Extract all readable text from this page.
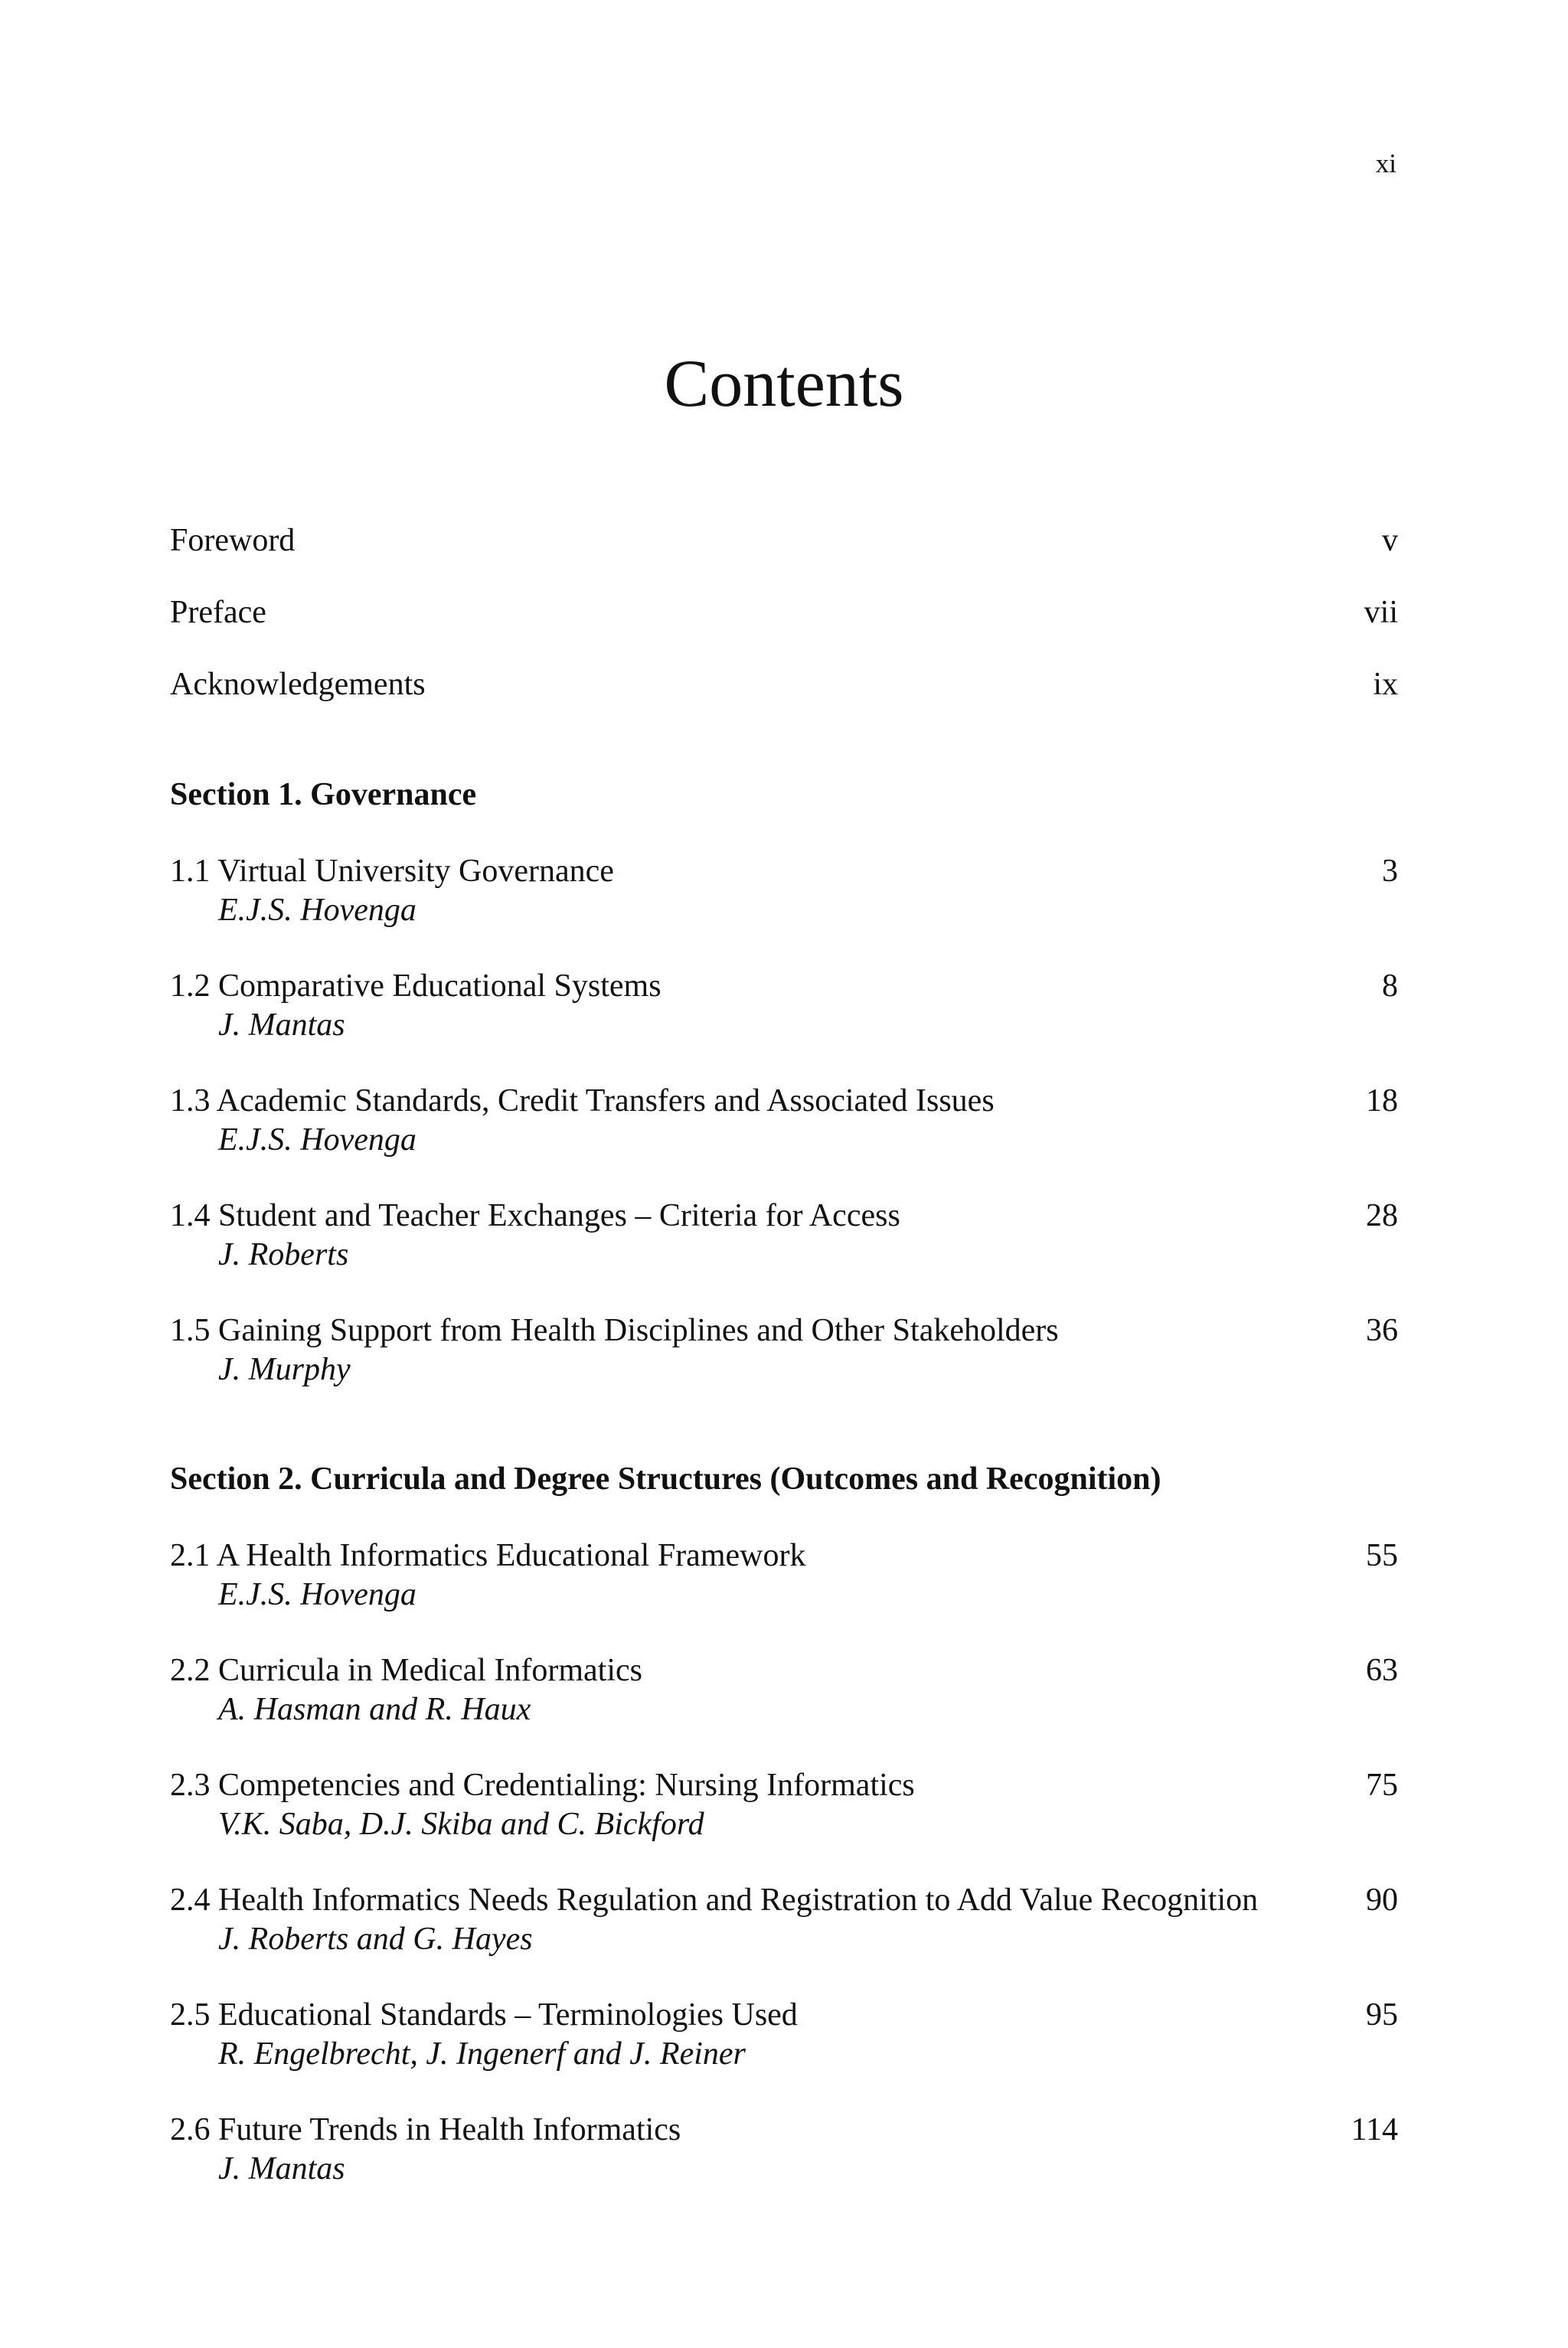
xi
Contents
Foreword	v
Preface	vii
Acknowledgements	ix
Section 1. Governance
1.1 Virtual University Governance	3
E.J.S. Hovenga
1.2 Comparative Educational Systems	8
J. Mantas
1.3 Academic Standards, Credit Transfers and Associated Issues	18
E.J.S. Hovenga
1.4 Student and Teacher Exchanges – Criteria for Access	28
J. Roberts
1.5 Gaining Support from Health Disciplines and Other Stakeholders	36
J. Murphy
Section 2. Curricula and Degree Structures (Outcomes and Recognition)
2.1 A Health Informatics Educational Framework	55
E.J.S. Hovenga
2.2 Curricula in Medical Informatics	63
A. Hasman and R. Haux
2.3 Competencies and Credentialing: Nursing Informatics	75
V.K. Saba, D.J. Skiba and C. Bickford
2.4 Health Informatics Needs Regulation and Registration to Add Value Recognition	90
J. Roberts and G. Hayes
2.5 Educational Standards – Terminologies Used	95
R. Engelbrecht, J. Ingenerf and J. Reiner
2.6 Future Trends in Health Informatics	114
J. Mantas
